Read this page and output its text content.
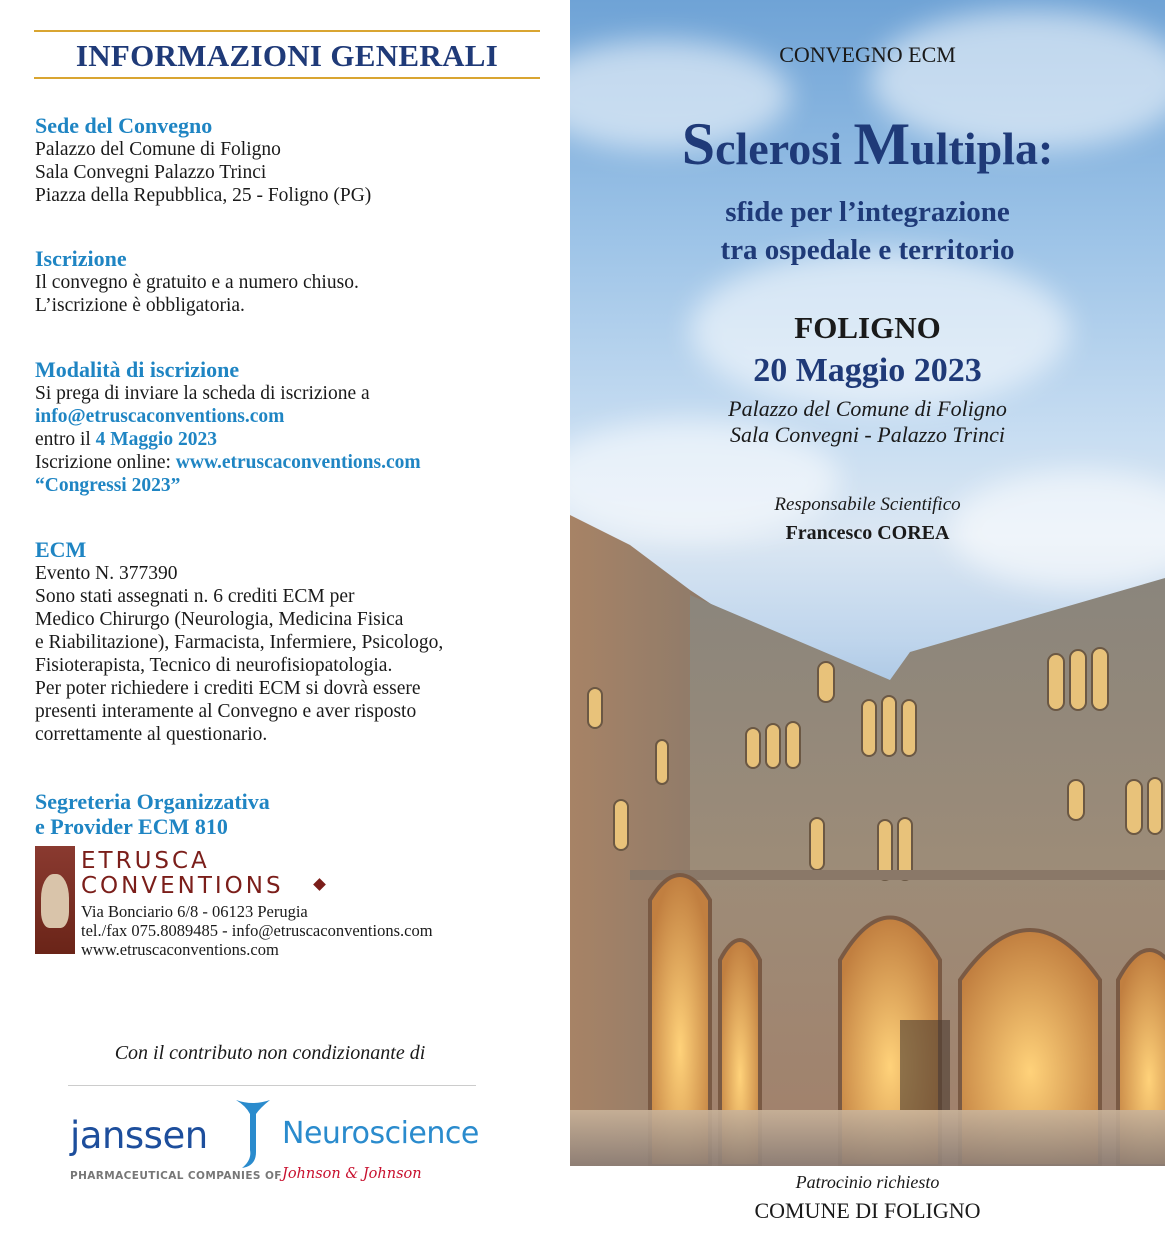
INFORMAZIONI GENERALI
Sede del Convegno

Palazzo del Comune di Foligno

Sala Convegni Palazzo Trinci

Piazza della Repubblica, 25 - Foligno (PG)

Iscrizione

Il convegno è gratuito e a numero chiuso.

L’iscrizione è obbligatoria.

Modalità di iscrizione

Si prega di inviare la scheda di iscrizione a

info@etruscaconventions.com

entro il 4 Maggio 2023

Iscrizione online: www.etruscaconventions.com

“Congressi 2023”

ECM

Evento N. 377390

Sono stati assegnati n. 6 crediti ECM per

Medico Chirurgo (Neurologia, Medicina Fisica

e Riabilitazione), Farmacista, Infermiere, Psicologo,

Fisioterapista, Tecnico di neurofisiopatologia.

Per poter richiedere i crediti ECM si dovrà essere

presenti interamente al Convegno e aver risposto

correttamente al questionario.

Segreteria Organizzativa
e Provider ECM 810
ETRUSCA
CONVENTIONS
Via Bonciario 6/8 - 06123 Perugia
tel./fax 075.8089485 - info@etruscaconventions.com
www.etruscaconventions.com
Con il contributo non condizionante di
janssen Neuroscience
PHARMACEUTICAL COMPANIES OF Johnson & Johnson
CONVEGNO ECM
Sclerosi Multipla:
sfide per l’integrazione
tra ospedale e territorio
FOLIGNO
20 Maggio 2023
Palazzo del Comune di Foligno
Sala Convegni - Palazzo Trinci
Responsabile Scientifico
Francesco COREA
Patrocinio richiesto
COMUNE DI FOLIGNO
